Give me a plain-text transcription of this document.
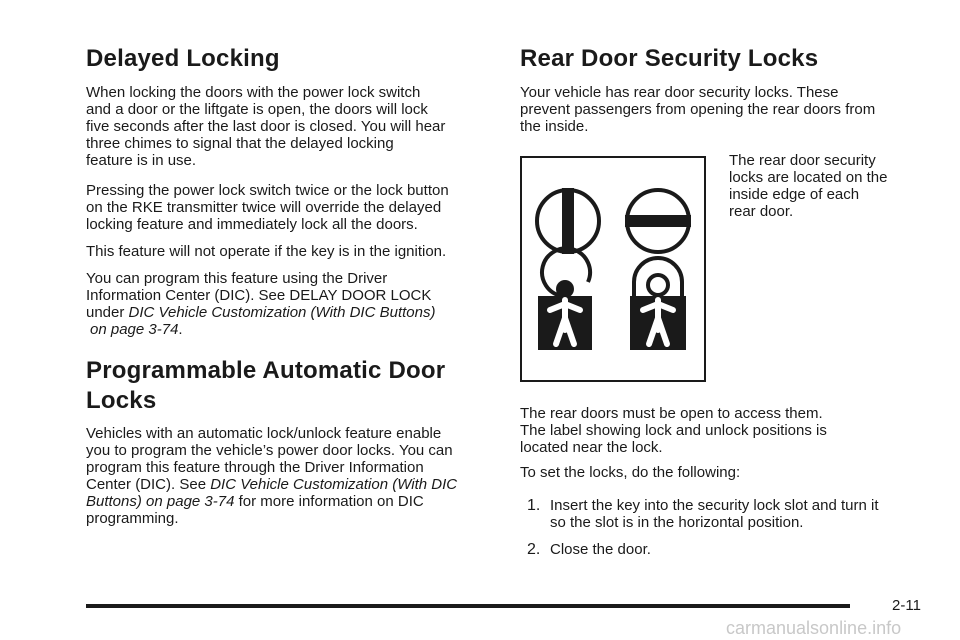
Delayed Locking

When locking the doors with the power lock switch

and a door or the liftgate is open, the doors will lock

five seconds after the last door is closed. You will hear

three chimes to signal that the delayed locking

feature is in use.

Pressing the power lock switch twice or the lock button

on the RKE transmitter twice will override the delayed

locking feature and immediately lock all the doors.

This feature will not operate if the key is in the ignition.

You can program this feature using the Driver

Information Center (DIC). See DELAY DOOR LOCK

under DIC Vehicle Customization (With DIC Buttons)

on page 3-74.

Programmable Automatic Door
Locks

Vehicles with an automatic lock/unlock feature enable

you to program the vehicle’s power door locks. You can

program this feature through the Driver Information

Center (DIC). See DIC Vehicle Customization (With DIC

Buttons) on page 3-74 for more information on DIC

programming.

Rear Door Security Locks

Your vehicle has rear door security locks. These

prevent passengers from opening the rear doors from

the inside.

The rear door security

locks are located on the

inside edge of each

rear door.

The rear doors must be open to access them.

The label showing lock and unlock positions is

located near the lock.

To set the locks, do the following:

1. Insert the key into the security lock slot and turn it

so the slot is in the horizontal position.

2. Close the door.

2-11
carmanualsonline.info
